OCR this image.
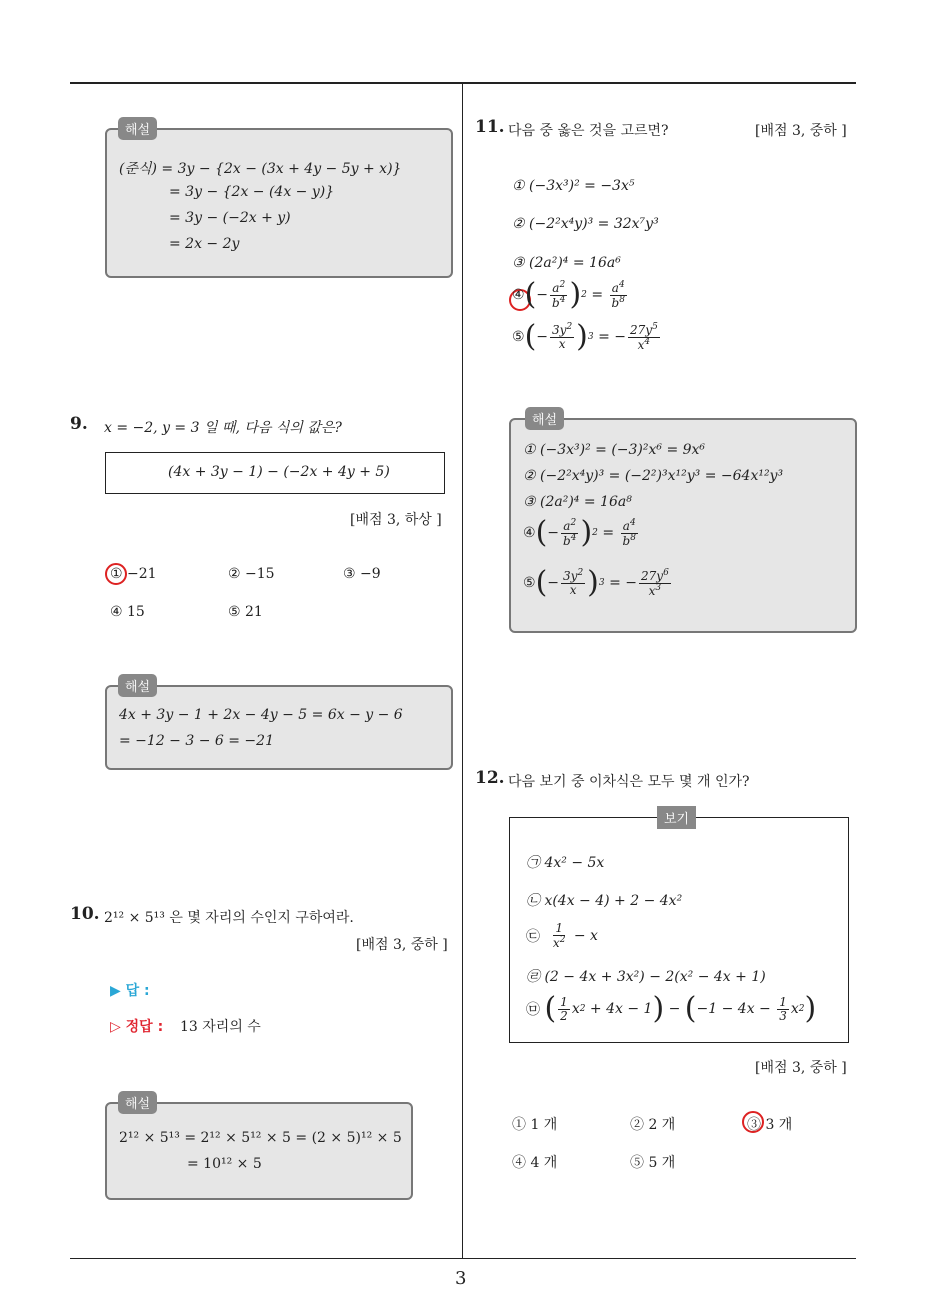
3
(준식) = 3y − {2x − (3x + 4y − 5y + x)}
= 3y − {2x − (4x − y)}
= 3y − (−2x + y)
= 2x − 2y
해설
9. x = −2, y = 3 일 때, 다음 식의 값은?
(4x + 3y − 1) − (−2x + 4y + 5)
[배점 3, 하상 ]
① −21	② −15	③ −9
④ 15	⑤ 21
4x + 3y − 1 + 2x − 4y − 5 = 6x − y − 6
= −12 − 3 − 6 = −21
해설
10. 2¹² × 5¹³ 은 몇 자리의 수인지 구하여라.
[배점 3, 중하 ]
▶ 답 :
▷ 정답 : 13 자리의 수
2¹² × 5¹³ = 2¹² × 5¹² × 5 = (2 × 5)¹² × 5
= 10¹² × 5
해설
11. 다음 중 옳은 것을 고르면?	[배점 3, 중하 ]
① (−3x³)² = −3x⁵
② (−2²x⁴y)³ = 32x⁷y³
③ (2a²)⁴ = 16a⁶
④ ( − $\frac{a^2}{b^4}$ ) $2 = \frac{a^4}{b^8}$
⑤ ( − $\frac{3y^2}{x}$ ) 3 = − $\frac{27y^5}{x^4}$
① (−3x³)² = (−3)²x⁶ = 9x⁶
② (−2²x⁴y)³ = (−2²)³x¹²y³ = −64x¹²y³
③ (2a²)⁴ = 16a⁸
④ ( − $\frac{a^2}{b^4}$ ) $2 = \frac{a^4}{b^8}$
⑤ ( − $\frac{3y^2}{x}$ ) 3 = − $\frac{27y^6}{x^3}$
해설
12. 다음 보기 중 이차식은 모두 몇 개 인가?
㉠ 4x² − 5x
㉡ x(4x − 4) + 2 − 4x²
㉢
$\frac{1}{x^2} - x$
㉣ (2 − 4x + 3x²) − 2(x² − 4x + 1)
㉤
( $\frac{1}{2}$ x 2 + 4x − 1 ) − ( $-1 - 4x - \frac{1}{3}$ x 2 )
보기
[배점 3, 중하 ]
① 1 개	② 2 개	③ 3 개
④ 4 개	⑤ 5 개
